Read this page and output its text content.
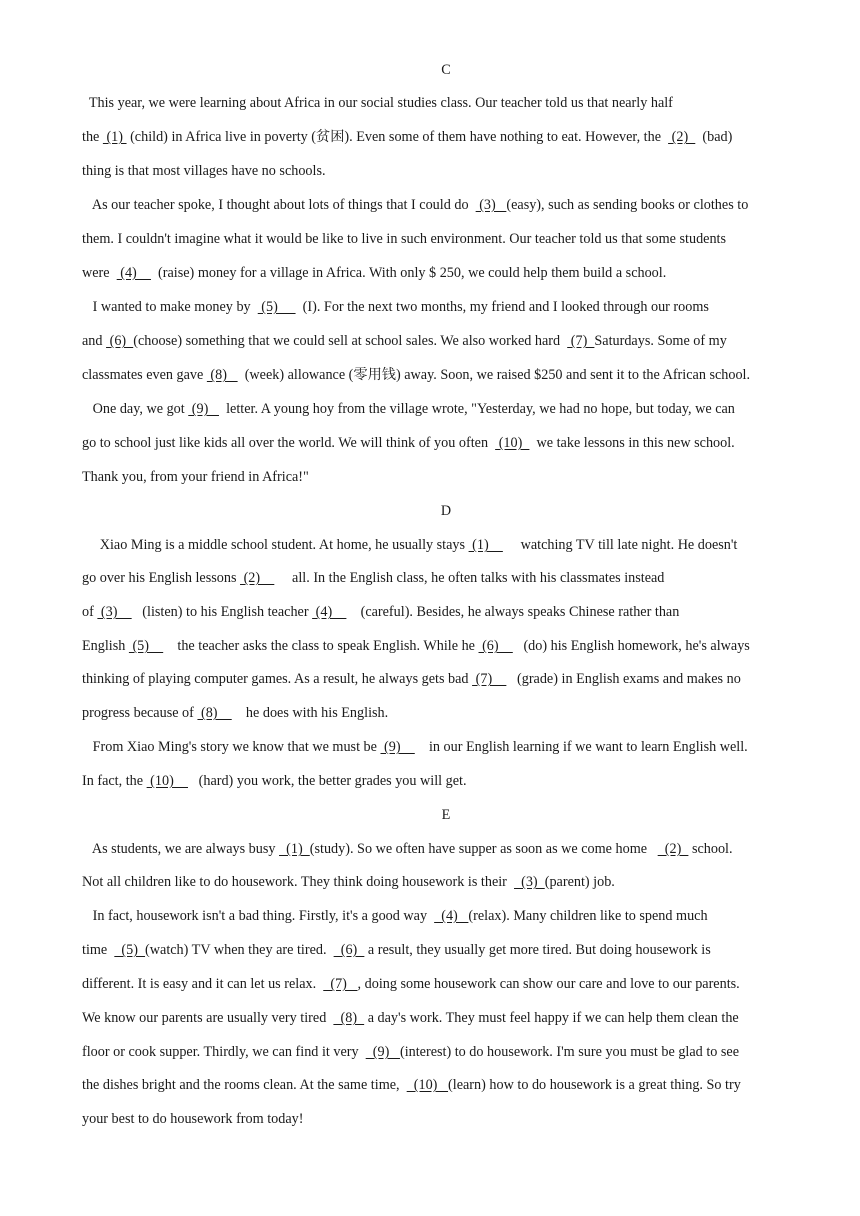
C
This year, we were learning about Africa in our social studies class. Our teacher told us that nearly half
the  (1)  (child) in Africa live in poverty (贫困). Even some of them have nothing to eat. However, the   (2)    (bad)
thing is that most villages have no schools.
As our teacher spoke, I thought about lots of things that I could do   (3)   (easy), such as sending books or clothes to
them. I couldn't imagine what it would be like to live in such environment. Our teacher told us that some students
were   (4)      (raise) money for a village in Africa. With only $ 250, we could help them build a school.
I wanted to make money by   (5)       (I). For the next two months, my friend and I looked through our rooms
and  (6)  (choose) something that we could sell at school sales. We also worked hard   (7)  Saturdays. Some of my
classmates even gave  (8)     (week) allowance (零用钱) away. Soon, we raised $250 and sent it to the African school.
One day, we got  (9)     letter. A young hoy from the village wrote, "Yesterday, we had no hope, but today, we can
go to school just like kids all over the world. We will think of you often   (10)    we take lessons in this new school.
Thank you, from your friend in Africa!"
D
Xiao Ming is a middle school student. At home, he usually stays  (1)         watching TV till late night. He doesn't
go over his English lessons  (2)         all. In the English class, he often talks with his classmates instead
of  (3)       (listen) to his English teacher  (4)        (careful). Besides, he always speaks Chinese rather than
English  (5)        the teacher asks the class to speak English. While he  (6)       (do) his English homework, he's always
thinking of playing computer games. As a result, he always gets bad  (7)       (grade) in English exams and makes no
progress because of  (8)        he does with his English.
From Xiao Ming's story we know that we must be  (9)        in our English learning if we want to learn English well.
In fact, the  (10)       (hard) you work, the better grades you will get.
E
As students, we are always busy   (1)  (study). So we often have supper as soon as we come home     (2)   school.
Not all children like to do housework. They think doing housework is their    (3)  (parent) job.
In fact, housework isn't a bad thing. Firstly, it's a good way    (4)   (relax). Many children like to spend much
time    (5)  (watch) TV when they are tired.    (6)   a result, they usually get more tired. But doing housework is
different. It is easy and it can let us relax.    (7)   , doing some housework can show our care and love to our parents.
We know our parents are usually very tired    (8)   a day's work. They must feel happy if we can help them clean the
floor or cook supper. Thirdly, we can find it very    (9)   (interest) to do housework. I'm sure you must be glad to see
the dishes bright and the rooms clean. At the same time,    (10)   (learn) how to do housework is a great thing. So try
your best to do housework from today!
